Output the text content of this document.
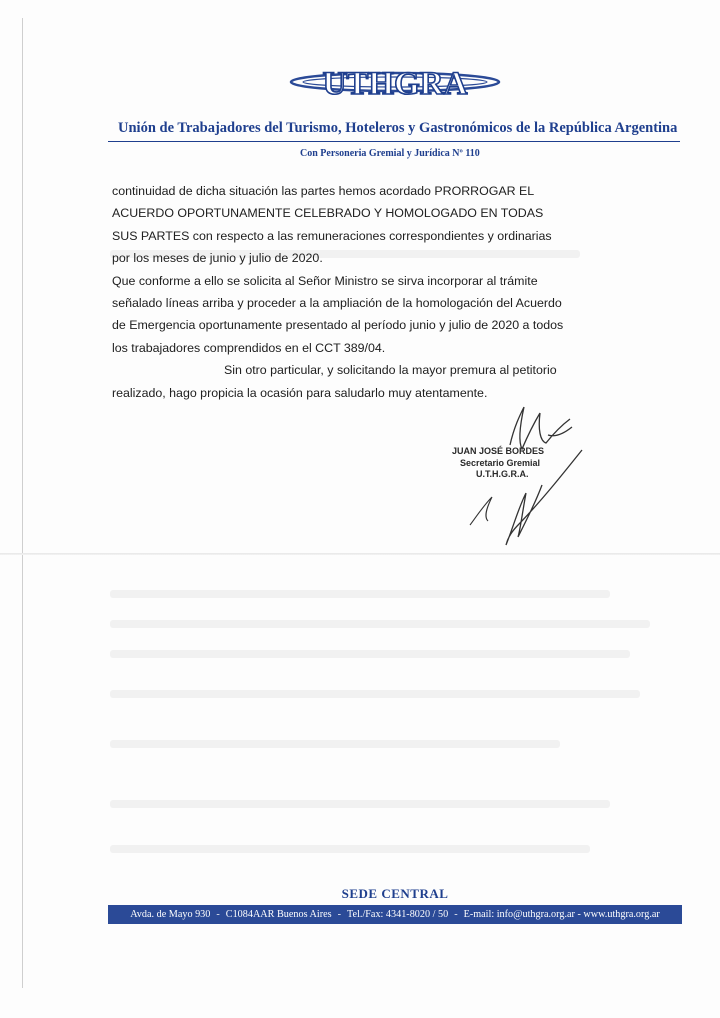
UTHGRA
Unión de Trabajadores del Turismo, Hoteleros y Gastronómicos de la República Argentina
Con Personeria Gremial y Jurídica Nº 110

continuidad de dicha situación las partes hemos acordado PRORROGAR EL

ACUERDO OPORTUNAMENTE CELEBRADO Y HOMOLOGADO EN TODAS

SUS PARTES con respecto a las remuneraciones correspondientes y ordinarias

por los meses de junio y julio de 2020.

Que conforme a ello se solicita al Señor Ministro se sirva incorporar al trámite

señalado líneas arriba y proceder a la ampliación de la homologación del Acuerdo

de Emergencia oportunamente presentado al período junio y julio de 2020 a todos

los trabajadores comprendidos en el CCT 389/04.

Sin otro particular, y solicitando la mayor premura al petitorio

realizado, hago propicia la ocasión para saludarlo muy atentamente.

JUAN JOSÉ BORDES
Secretario Gremial
U.T.H.G.R.A.
SEDE CENTRAL
Avda. de Mayo 930 - C1084AAR Buenos Aires - Tel./Fax: 4341-8020 / 50 - E-mail: info@uthgra.org.ar - www.uthgra.org.ar
